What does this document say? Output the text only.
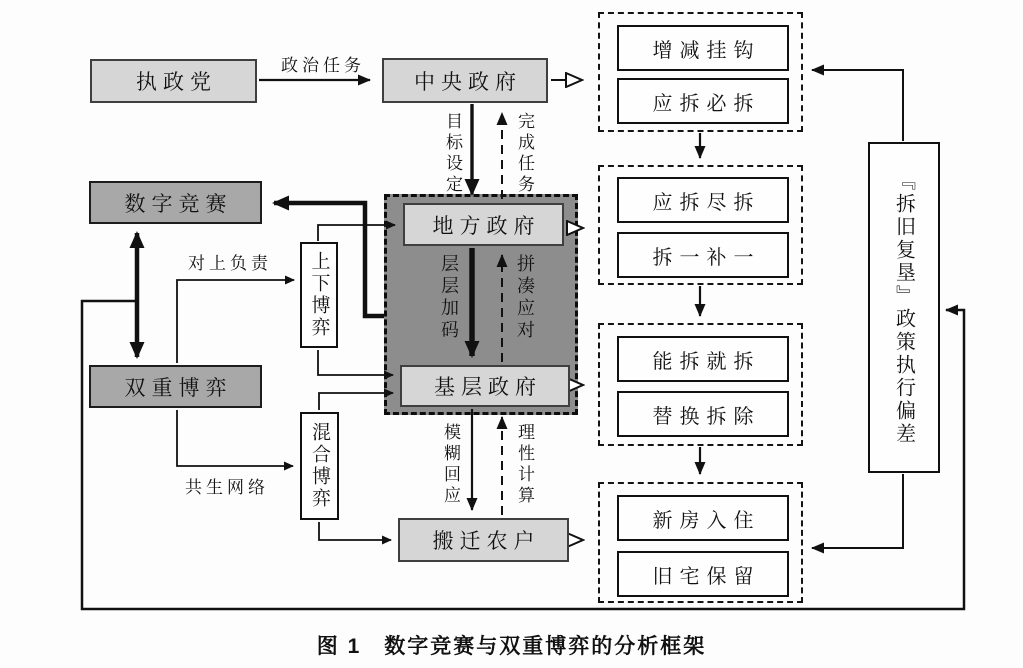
执政党	中央政府
数字竞赛
双重博弈
上下博弈
混合博弈
地方政府
基层政府
搬迁农户
『拆旧复垦』政策执行偏差
增减挂钩
应拆必拆
应拆尽拆
拆一补一
能拆就拆
替换拆除
新房入住
旧宅保留
政治任务
目标设定	完成任务
层层加码	拼凑应对
模糊回应	理性计算
对上负责
共生网络
图 1　数字竞赛与双重博弈的分析框架
